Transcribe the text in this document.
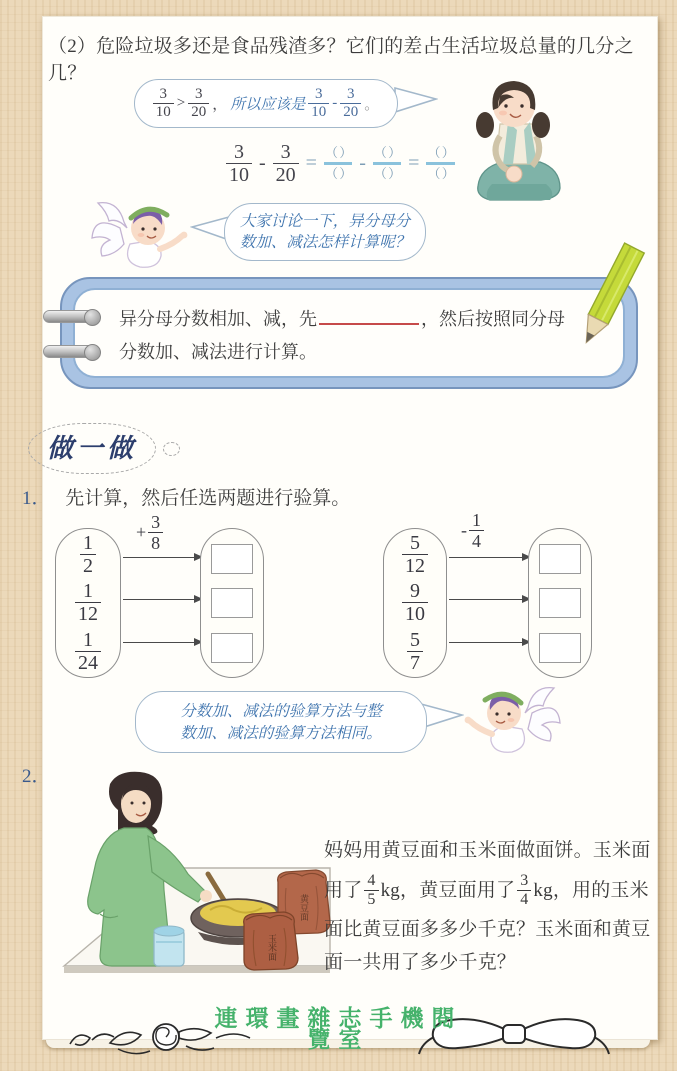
（2）危险垃圾多还是食品残渣多？它们的差占生活垃圾总量的几分之几？
$\frac{3}{10} > \frac{3}{20}$ ， 所以应该是 $\frac{3}{10} - \frac{3}{20}$ 。
$\frac{3}{10} - \frac{3}{20}$ = （ ）
（ ） - （ ）
（ ） = （ ）
（ ）
大家讨论一下，异分母分
数加、减法怎样计算呢？
异分母分数相加、减，先	，然后按照同分母
分数加、减法进行计算。
做一做
1． 先计算，然后任选两题进行验算。
$\frac{1}{2}$
$\frac{1}{12}$
$\frac{1}{24}$
+ $\frac{3}{8}$	$\frac{5}{12}$
$\frac{9}{10}$
$\frac{5}{7}$
- $\frac{1}{4}$
分数加、减法的验算方法与整
数加、减法的验算方法相同。
2．
黄豆面
玉米面
妈妈用黄豆面和玉米面做面饼。玉米面
用了 $\frac{4}{5}$ kg，黄豆面用了 $\frac{3}{4}$ kg，用的玉米
面比黄豆面多多少千克？玉米面和黄豆
面一共用了多少千克？
連環畫雜志手機閱
覽室
